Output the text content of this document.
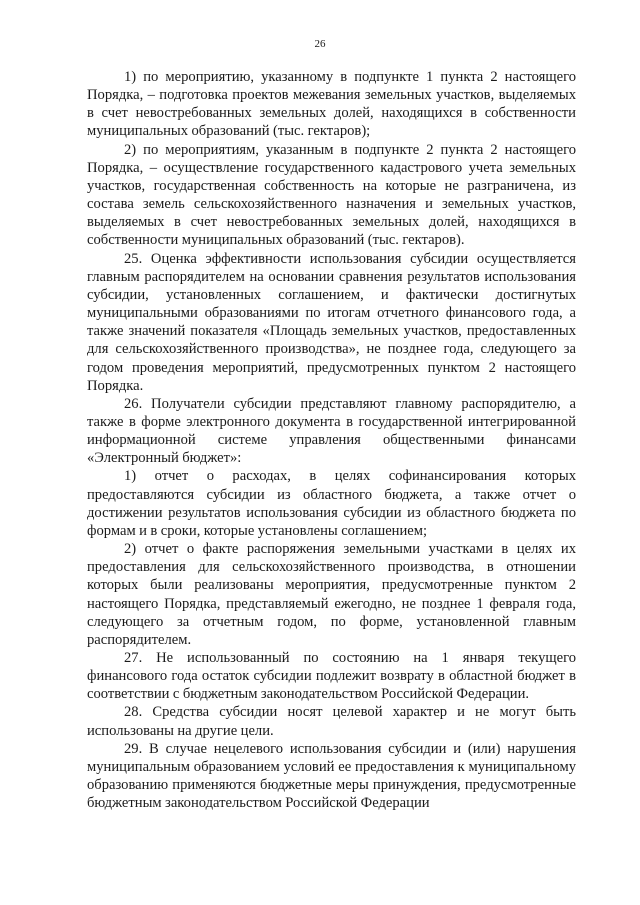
26

1) по мероприятию, указанному в подпункте 1 пункта 2 настоящего Порядка, – подготовка проектов межевания земельных участков, выделяемых в счет невостребованных земельных долей, находящихся в собственности муниципальных образований (тыс. гектаров);

2) по мероприятиям, указанным в подпункте 2 пункта 2 настоящего Порядка, – осуществление государственного кадастрового учета земельных участков, государственная собственность на которые не разграничена, из состава земель сельскохозяйственного назначения и земельных участков, выделяемых в счет невостребованных земельных долей, находящихся в собственности муниципальных образований (тыс. гектаров).

25. Оценка эффективности использования субсидии осуществляется главным распорядителем на основании сравнения результатов использования субсидии, установленных соглашением, и фактически достигнутых муниципальными образованиями по итогам отчетного финансового года, а также значений показателя «Площадь земельных участков, предоставленных для сельскохозяйственного производства», не позднее года, следующего за годом проведения мероприятий, предусмотренных пунктом 2 настоящего Порядка.

26. Получатели субсидии представляют главному распорядителю, а также в форме электронного документа в государственной интегрированной информационной системе управления общественными финансами «Электронный бюджет»:

1) отчет о расходах, в целях софинансирования которых предоставляются субсидии из областного бюджета, а также отчет о достижении результатов использования субсидии из областного бюджета по формам и в сроки, которые установлены соглашением;

2) отчет о факте распоряжения земельными участками в целях их предоставления для сельскохозяйственного производства, в отношении которых были реализованы мероприятия, предусмотренные пунктом 2 настоящего Порядка, представляемый ежегодно, не позднее 1 февраля года, следующего за отчетным годом, по форме, установленной главным распорядителем.

27. Не использованный по состоянию на 1 января текущего финансового года остаток субсидии подлежит возврату в областной бюджет в соответствии с бюджетным законодательством Российской Федерации.

28. Средства субсидии носят целевой характер и не могут быть использованы на другие цели.

29. В случае нецелевого использования субсидии и (или) нарушения муниципальным образованием условий ее предоставления к муниципальному образованию применяются бюджетные меры принуждения, предусмотренные бюджетным законодательством Российской Федерации
